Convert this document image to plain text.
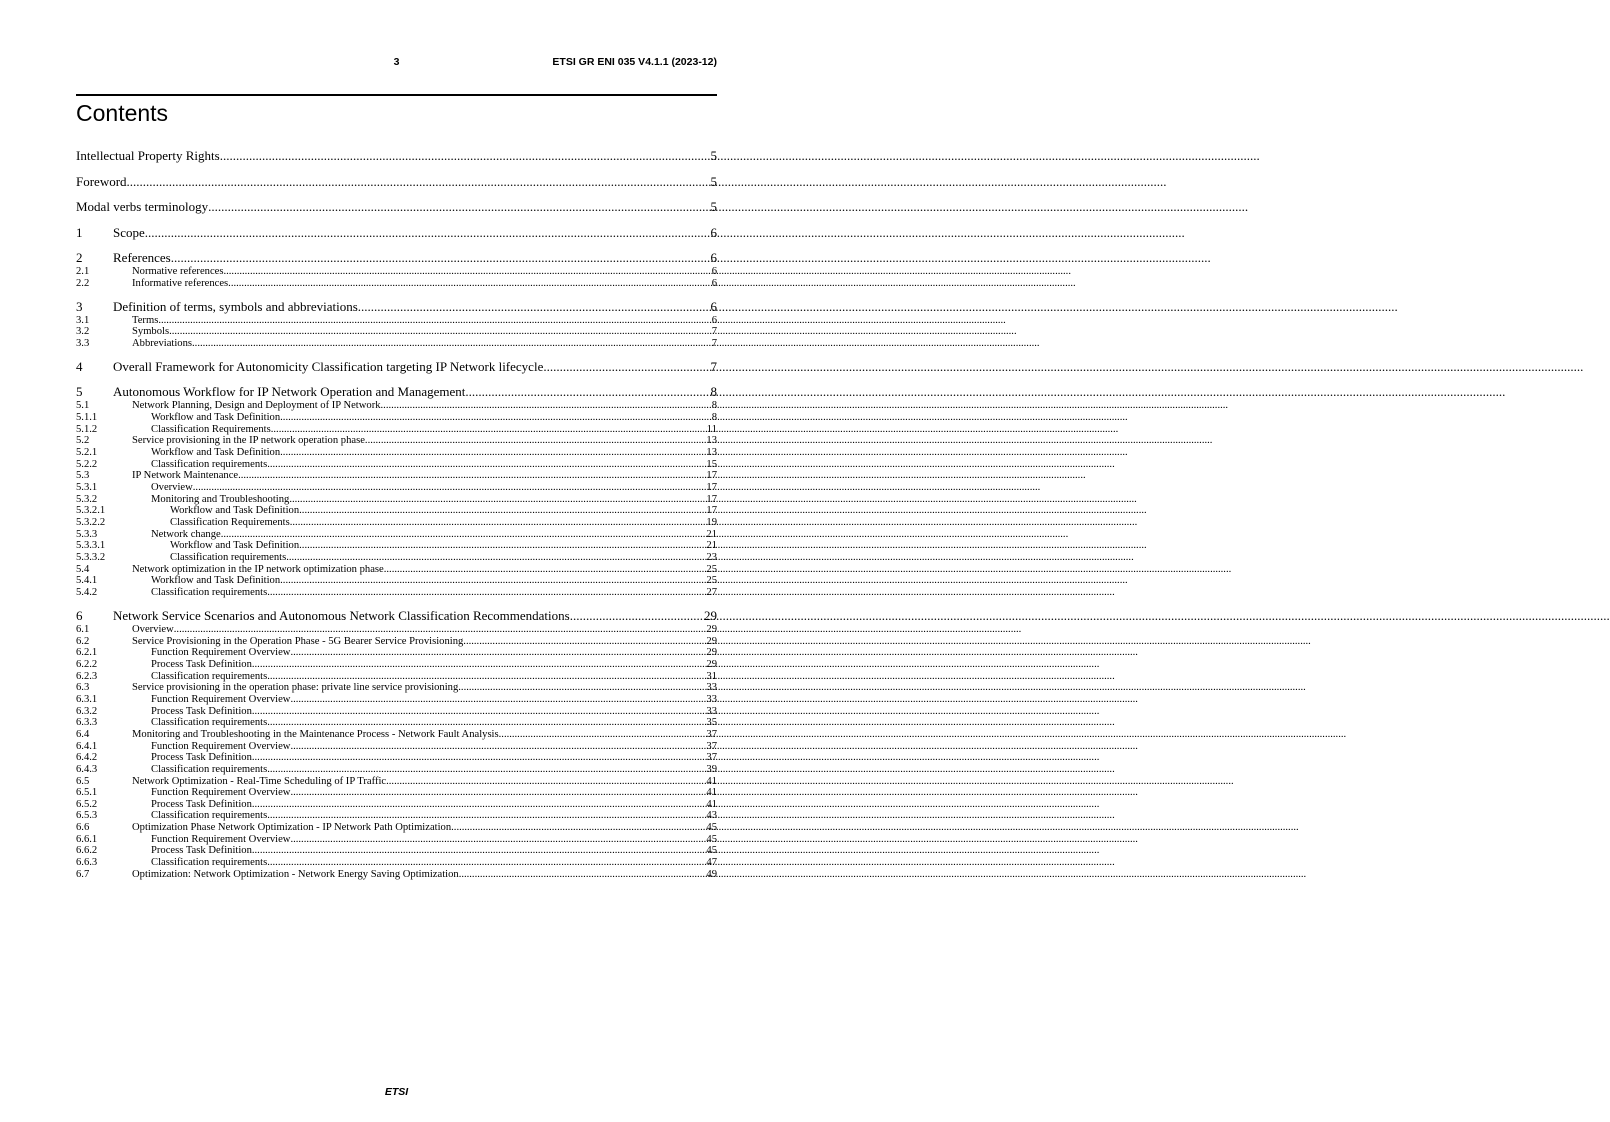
3	ETSI GR ENI 035 V4.1.1 (2023-12)
Contents
Intellectual Property Rights .....	5
Foreword .....	5
Modal verbs terminology .....	5
1	Scope .....	6
2	References .....	6
2.1	Normative references .....	6
2.2	Informative references .....	6
3	Definition of terms, symbols and abbreviations .....	6
3.1	Terms .....	6
3.2	Symbols .....	7
3.3	Abbreviations .....	7
4	Overall Framework for Autonomicity Classification targeting IP Network lifecycle .....	7
5	Autonomous Workflow for IP Network Operation and Management .....	8
5.1	Network Planning, Design and Deployment of IP Network .....	8
5.1.1	Workflow and Task Definition .....	8
5.1.2	Classification Requirements .....	11
5.2	Service provisioning in the IP network operation phase .....	13
5.2.1	Workflow and Task Definition .....	13
5.2.2	Classification requirements .....	15
5.3	IP Network Maintenance .....	17
5.3.1	Overview .....	17
5.3.2	Monitoring and Troubleshooting .....	17
5.3.2.1	Workflow and Task Definition .....	17
5.3.2.2	Classification Requirements .....	19
5.3.3	Network change .....	21
5.3.3.1	Workflow and Task Definition .....	21
5.3.3.2	Classification requirements .....	23
5.4	Network optimization in the IP network optimization phase .....	25
5.4.1	Workflow and Task Definition .....	25
5.4.2	Classification requirements .....	27
6	Network Service Scenarios and Autonomous Network Classification Recommendations .....	29
6.1	Overview .....	29
6.2	Service Provisioning in the Operation Phase - 5G Bearer Service Provisioning .....	29
6.2.1	Function Requirement Overview .....	29
6.2.2	Process Task Definition .....	29
6.2.3	Classification requirements .....	31
6.3	Service provisioning in the operation phase: private line service provisioning .....	33
6.3.1	Function Requirement Overview .....	33
6.3.2	Process Task Definition .....	33
6.3.3	Classification requirements .....	35
6.4	Monitoring and Troubleshooting in the Maintenance Process - Network Fault Analysis .....	37
6.4.1	Function Requirement Overview .....	37
6.4.2	Process Task Definition .....	37
6.4.3	Classification requirements .....	39
6.5	Network Optimization - Real-Time Scheduling of IP Traffic .....	41
6.5.1	Function Requirement Overview .....	41
6.5.2	Process Task Definition .....	41
6.5.3	Classification requirements .....	43
6.6	Optimization Phase Network Optimization - IP Network Path Optimization .....	45
6.6.1	Function Requirement Overview .....	45
6.6.2	Process Task Definition .....	45
6.6.3	Classification requirements .....	47
6.7	Optimization: Network Optimization - Network Energy Saving Optimization .....	49
ETSI
